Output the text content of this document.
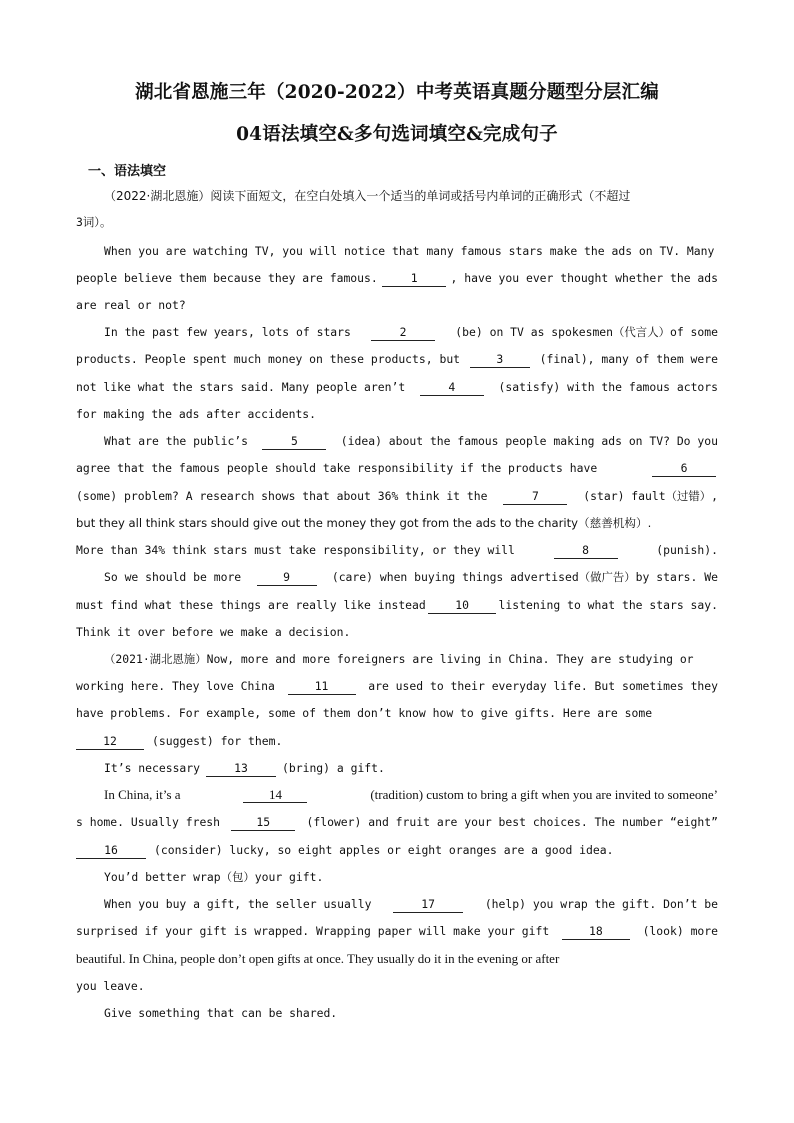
湖北省恩施三年（2020-2022）中考英语真题分题型分层汇编
04语法填空&多句选词填空&完成句子
一、语法填空
（2022·湖北恩施）阅读下面短文，在空白处填入一个适当的单词或括号内单词的正确形式（不超过
3词）。
When you are watching TV, you will notice that many famous stars make the ads on TV. Many
people believe them because they are famous.	1	, have you ever thought whether the ads
are real or not?
In the past few years, lots of stars	2	(be) on TV as spokesmen（代言人）of some
products. People spent much money on these products, but	3	(final), many of them were
not like what the stars said. Many people aren’t	4	(satisfy) with the famous actors
for making the ads after accidents.
What are the public’s	5	(idea) about the famous people making ads on TV? Do you
agree that the famous people should take responsibility if the products have	6
(some) problem? A research shows that about 36% think it the	7	(star) fault（过错）,
but they all think stars should give out the money they got from the ads to the charity（慈善机构）.
More than 34% think stars must take responsibility, or they will	8	(punish).
So we should be more	9	(care) when buying things advertised（做广告）by stars. We
must find what these things are really like instead	10	listening to what the stars say.
Think it over before we make a decision.
（2021·湖北恩施）Now, more and more foreigners are living in China. They are studying or
working here. They love China	11	are used to their everyday life. But sometimes they
have problems. For example, some of them don’t know how to give gifts. Here are some
12	(suggest) for them.
It’s necessary	13	(bring) a gift.
In China, it’s a	14	(tradition) custom to bring a gift when you are invited to someone’
s home. Usually fresh	15	(flower) and fruit are your best choices. The number “eight”
16	(consider) lucky, so eight apples or eight oranges are a good idea.
You’d better wrap（包）your gift.
When you buy a gift, the seller usually	17	(help) you wrap the gift. Don’t be
surprised if your gift is wrapped. Wrapping paper will make your gift	18	(look) more
beautiful. In China, people don’t open gifts at once. They usually do it in the evening or after
you leave.
Give something that can be shared.
